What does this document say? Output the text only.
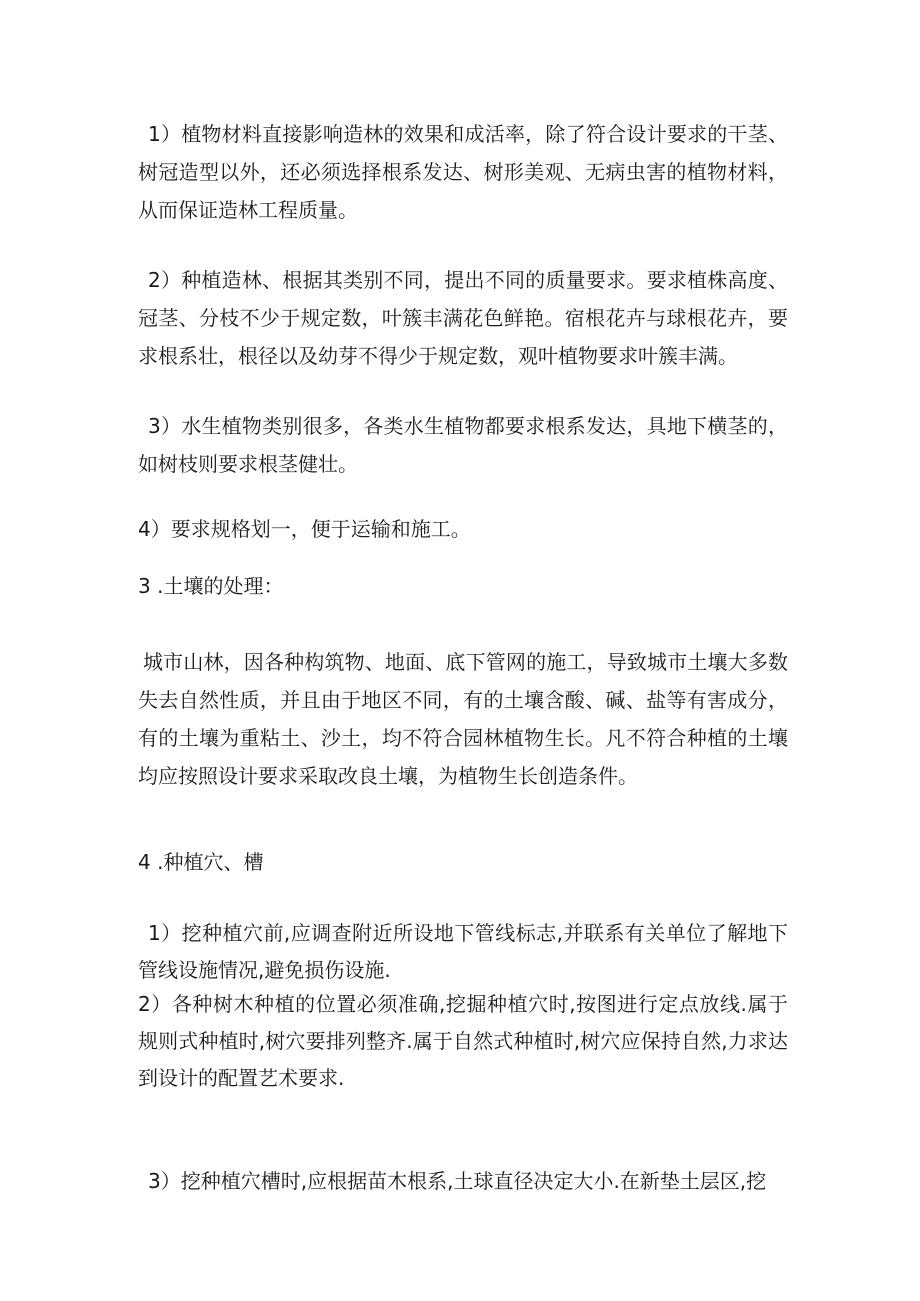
1）植物材料直接影响造林的效果和成活率，除了符合设计要求的干茎、树冠造型以外，还必须选择根系发达、树形美观、无病虫害的植物材料，从而保证造林工程质量。

2）种植造林、根据其类别不同，提出不同的质量要求。要求植株高度、冠茎、分枝不少于规定数，叶簇丰满花色鲜艳。宿根花卉与球根花卉，要求根系壮，根径以及幼芽不得少于规定数，观叶植物要求叶簇丰满。

3）水生植物类别很多，各类水生植物都要求根系发达，具地下横茎的，如树枝则要求根茎健壮。

4）要求规格划一，便于运输和施工。

3 .土壤的处理：

城市山林，因各种构筑物、地面、底下管网的施工，导致城市土壤大多数失去自然性质，并且由于地区不同，有的土壤含酸、碱、盐等有害成分，有的土壤为重粘土、沙土，均不符合园林植物生长。凡不符合种植的土壤均应按照设计要求采取改良土壤，为植物生长创造条件。

4 .种植穴、槽

1）挖种植穴前,应调查附近所设地下管线标志,并联系有关单位了解地下管线设施情况,避免损伤设施.

2）各种树木种植的位置必须准确,挖掘种植穴时,按图进行定点放线.属于规则式种植时,树穴要排列整齐.属于自然式种植时,树穴应保持自然,力求达到设计的配置艺术要求.

3）挖种植穴槽时,应根据苗木根系,土球直径决定大小.在新垫土层区,挖
